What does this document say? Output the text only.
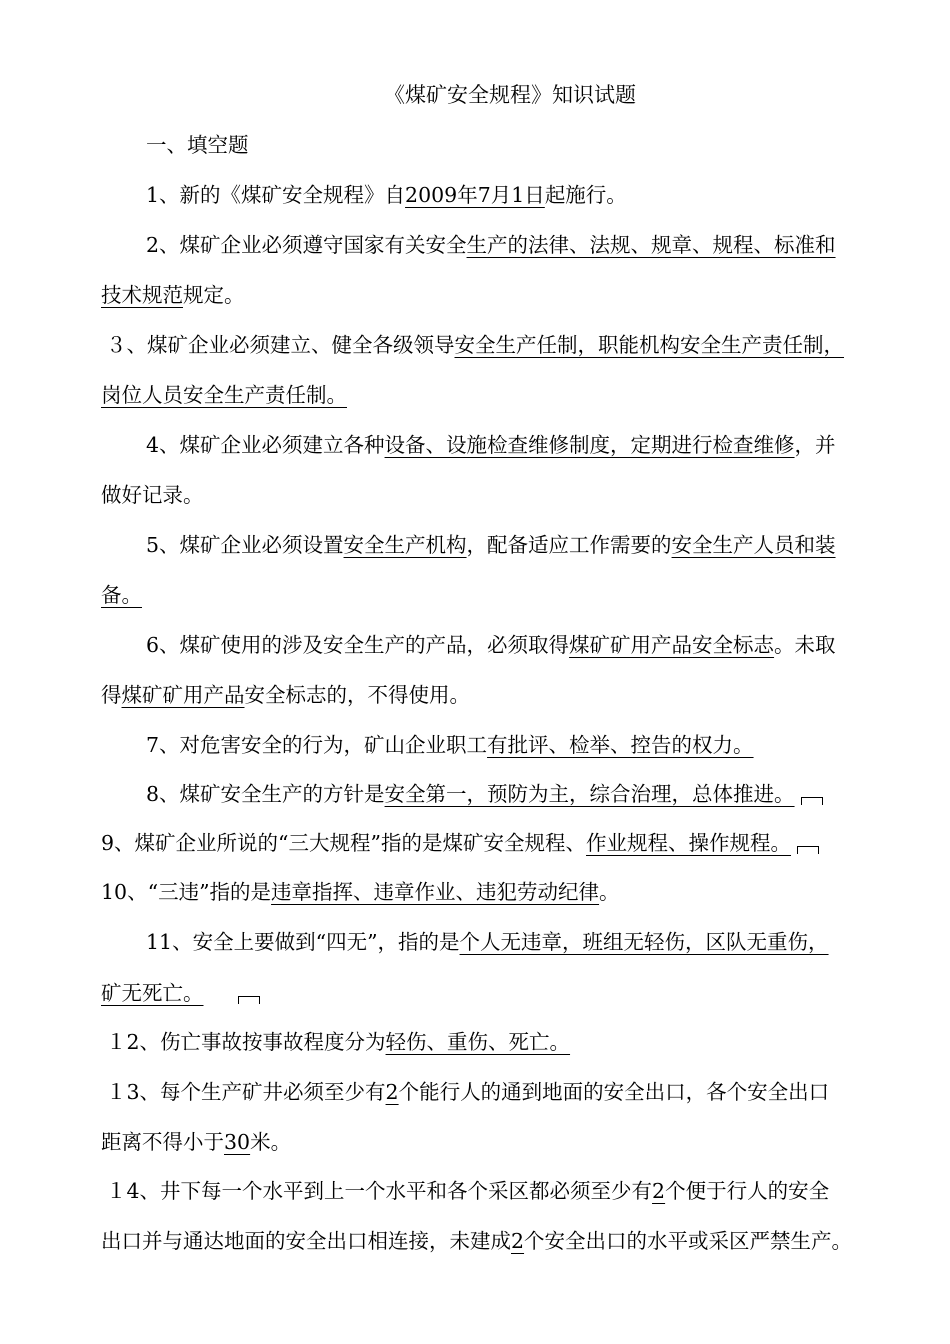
《煤矿安全规程》知识试题
一、填空题
1、新的《煤矿安全规程》自2009年7月1日起施行。
2、煤矿企业必须遵守国家有关安全生产的法律、法规、规章、规程、标准和
技术规范规定。
３、煤矿企业必须建立、健全各级领导安全生产任制，职能机构安全生产责任制，
岗位人员安全生产责任制。
4、煤矿企业必须建立各种设备、设施检查维修制度，定期进行检查维修，并
做好记录。
5、煤矿企业必须设置安全生产机构，配备适应工作需要的安全生产人员和装
备。
6、煤矿使用的涉及安全生产的产品，必须取得煤矿矿用产品安全标志。未取
得煤矿矿用产品安全标志的，不得使用。
7、对危害安全的行为，矿山企业职工有批评、检举、控告的权力。
8、煤矿安全生产的方针是安全第一，预防为主，综合治理，总体推进。
9、煤矿企业所说的“三大规程”指的是煤矿安全规程、作业规程、操作规程。
10、“三违”指的是违章指挥、违章作业、违犯劳动纪律。
11、安全上要做到“四无”，指的是个人无违章，班组无轻伤，区队无重伤，
矿无死亡。
１2、伤亡事故按事故程度分为轻伤、重伤、死亡。
１3、每个生产矿井必须至少有2个能行人的通到地面的安全出口，各个安全出口
距离不得小于30米。
１4、井下每一个水平到上一个水平和各个采区都必须至少有2个便于行人的安全
出口并与通达地面的安全出口相连接，未建成2个安全出口的水平或采区严禁生产。
